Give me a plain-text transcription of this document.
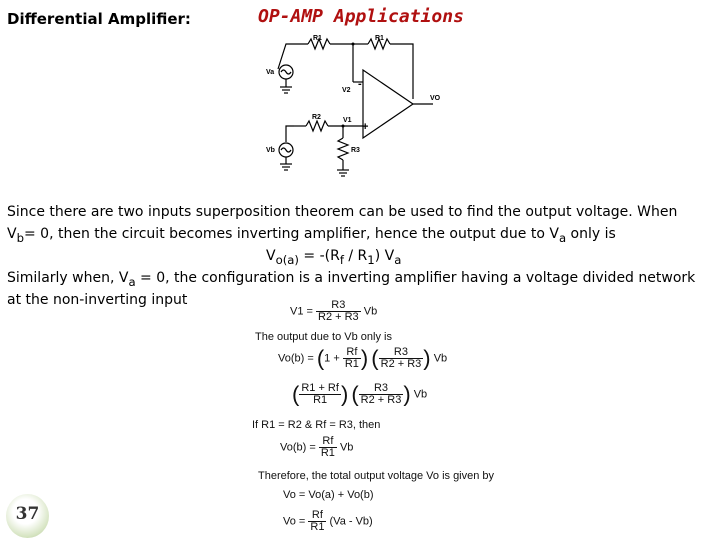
Differential Amplifier:	OP-AMP Applications
R1	R1
R2
R3
Va
Vb
V1
V2
VO
-
+
Since there are two inputs superposition theorem can be used to find the output voltage. When
$V_b= 0$, then the circuit becomes inverting amplifier, hence the output due to $V_a$ only is
$V_{o(a)} = -(R_f / R_1)$ $V_a$
Similarly when, $V_a = 0$, the configuration is a inverting amplifier having a voltage divided network
at the non-inverting input
$V1 = \frac{R3}{R2 + R3}$ Vb
The output due to Vb only is
$Vo(b) = (1 + \frac{Rf}{R1}$ ) ( $\frac{R3}{R2 + R3}$ ) Vb
( $\frac{R1 + Rf}{R1}$ ) ( $\frac{R3}{R2 + R3}$ ) Vb
If R1 = R2 & Rf = R3, then
$Vo(b) = \frac{Rf}{R1}$ Vb
Therefore, the total output voltage Vo is given by
Vo = Vo(a) + Vo(b)
$Vo = \frac{Rf}{R1} (Va - Vb)$
37
